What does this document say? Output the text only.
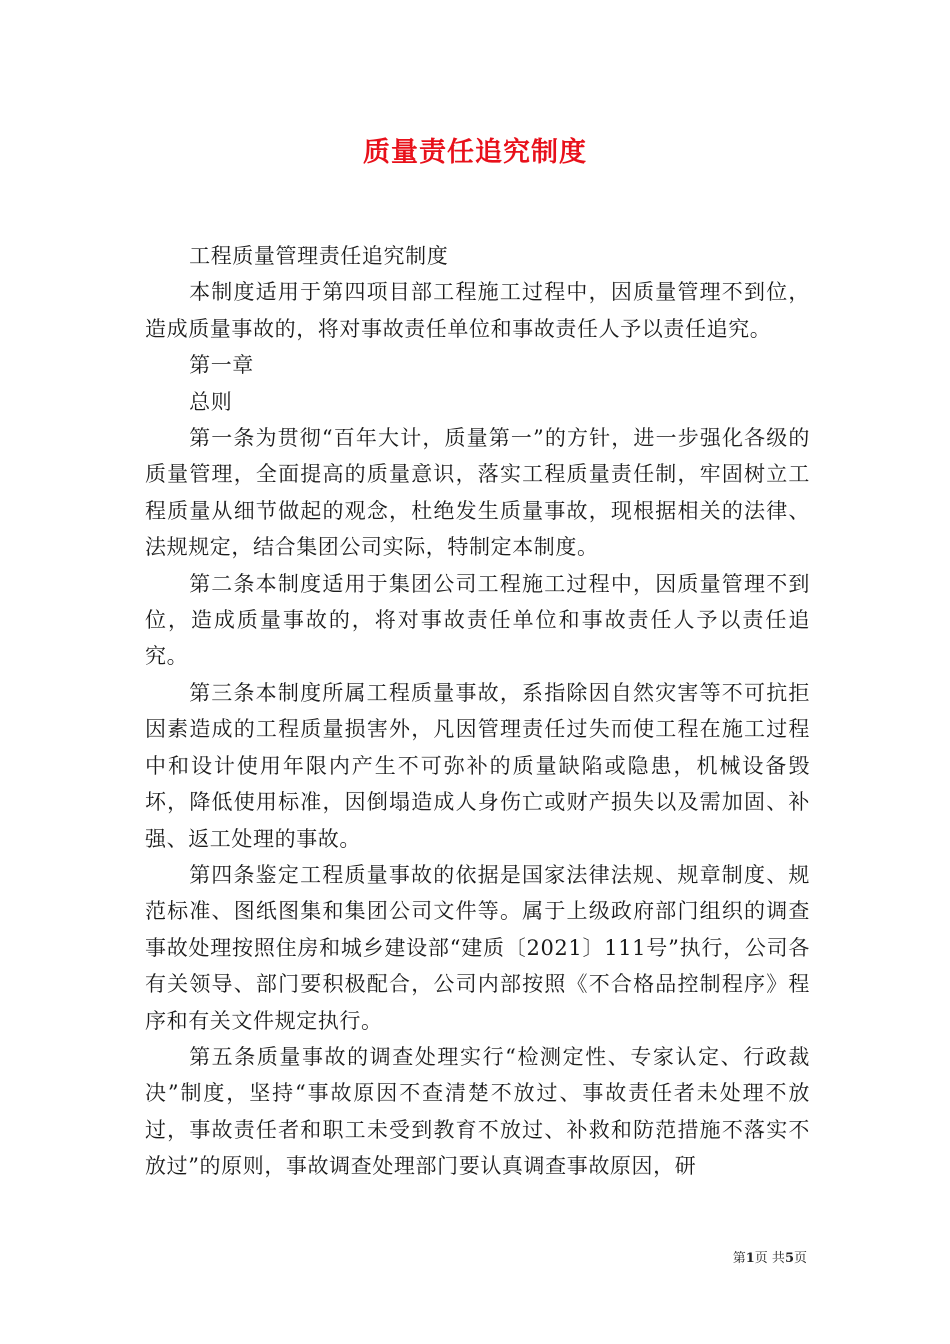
质量责任追究制度

工程质量管理责任追究制度

本制度适用于第四项目部工程施工过程中，因质量管理不到位，造成质量事故的，将对事故责任单位和事故责任人予以责任追究。

第一章

总则

第一条为贯彻“百年大计，质量第一”的方针，进一步强化各级的质量管理，全面提高的质量意识，落实工程质量责任制，牢固树立工程质量从细节做起的观念，杜绝发生质量事故，现根据相关的法律、法规规定，结合集团公司实际，特制定本制度。

第二条本制度适用于集团公司工程施工过程中，因质量管理不到位，造成质量事故的，将对事故责任单位和事故责任人予以责任追究。

第三条本制度所属工程质量事故，系指除因自然灾害等不可抗拒因素造成的工程质量损害外，凡因管理责任过失而使工程在施工过程中和设计使用年限内产生不可弥补的质量缺陷或隐患，机械设备毁坏，降低使用标准，因倒塌造成人身伤亡或财产损失以及需加固、补强、返工处理的事故。

第四条鉴定工程质量事故的依据是国家法律法规、规章制度、规范标准、图纸图集和集团公司文件等。属于上级政府部门组织的调查事故处理按照住房和城乡建设部“建质〔2021〕111号”执行，公司各有关领导、部门要积极配合，公司内部按照《不合格品控制程序》程序和有关文件规定执行。

第五条质量事故的调查处理实行“检测定性、专家认定、行政裁决”制度，坚持“事故原因不查清楚不放过、事故责任者未处理不放过，事故责任者和职工未受到教育不放过、补救和防范措施不落实不放过”的原则，事故调查处理部门要认真调查事故原因，研

第1页 共5页
